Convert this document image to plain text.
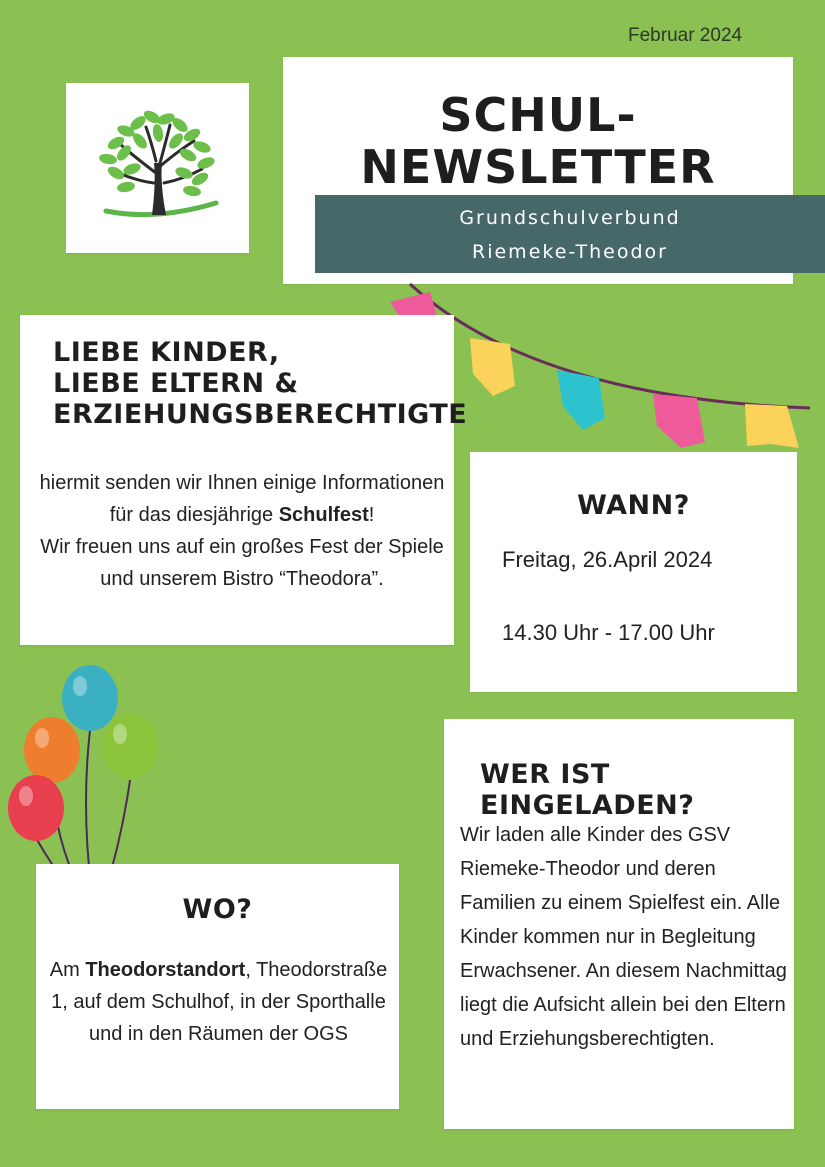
Februar 2024
SCHUL-
NEWSLETTER
Grundschulverbund
Riemeke-Theodor
LIEBE KINDER,
LIEBE ELTERN &
ERZIEHUNGSBERECHTIGTE
hiermit senden wir Ihnen einige Informationen für das diesjährige Schulfest!
Wir freuen uns auf ein großes Fest der Spiele und unserem Bistro “Theodora”.
WANN?
Freitag, 26.April 2024
14.30 Uhr - 17.00 Uhr
WO?
Am Theodorstandort, Theodorstraße 1, auf dem Schulhof, in der Sporthalle und in den Räumen der OGS
WER IST EINGELADEN?
Wir laden alle Kinder des GSV Riemeke-Theodor und deren Familien zu einem Spielfest ein. Alle Kinder kommen nur in Begleitung Erwachsener. An diesem Nachmittag liegt die Aufsicht allein bei den Eltern und Erziehungsberechtigten.
